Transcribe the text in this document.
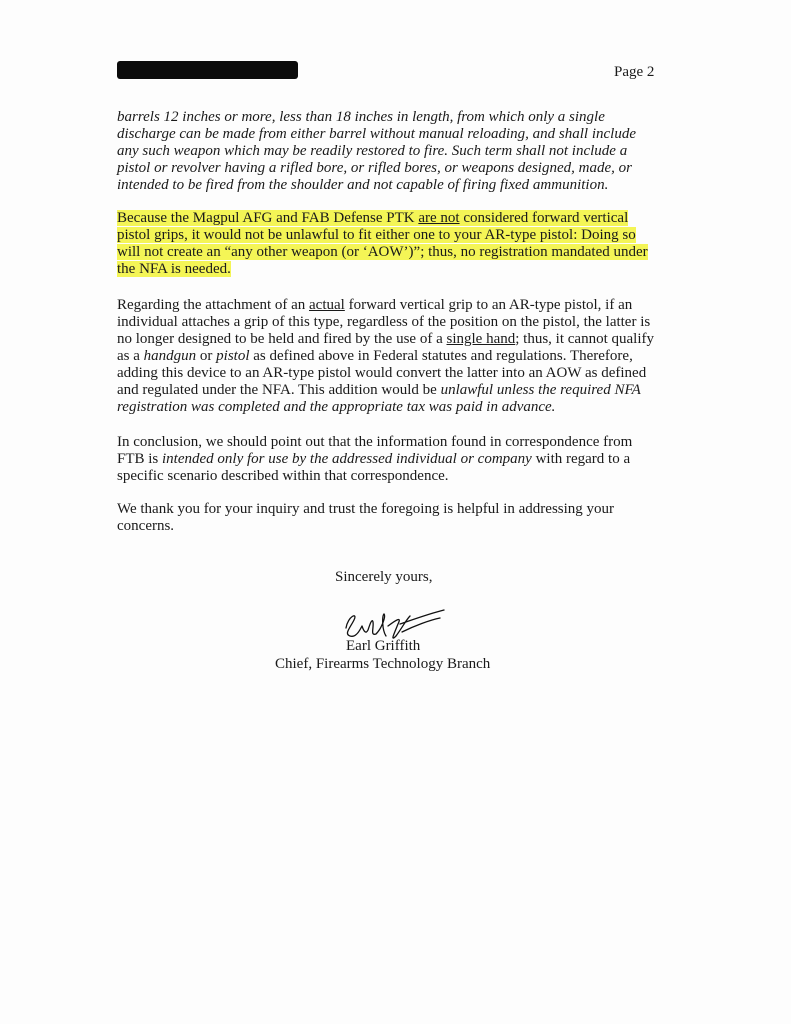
Page 2
barrels 12 inches or more, less than 18 inches in length, from which only a single discharge can be made from either barrel without manual reloading, and shall include any such weapon which may be readily restored to fire. Such term shall not include a pistol or revolver having a rifled bore, or rifled bores, or weapons designed, made, or intended to be fired from the shoulder and not capable of firing fixed ammunition.
Because the Magpul AFG and FAB Defense PTK are not considered forward vertical pistol grips, it would not be unlawful to fit either one to your AR-type pistol: Doing so will not create an “any other weapon (or ‘AOW’)”; thus, no registration mandated under the NFA is needed.
Regarding the attachment of an actual forward vertical grip to an AR-type pistol, if an individual attaches a grip of this type, regardless of the position on the pistol, the latter is no longer designed to be held and fired by the use of a single hand; thus, it cannot qualify as a handgun or pistol as defined above in Federal statutes and regulations. Therefore, adding this device to an AR-type pistol would convert the latter into an AOW as defined and regulated under the NFA. This addition would be unlawful unless the required NFA registration was completed and the appropriate tax was paid in advance.
In conclusion, we should point out that the information found in correspondence from FTB is intended only for use by the addressed individual or company with regard to a specific scenario described within that correspondence.
We thank you for your inquiry and trust the foregoing is helpful in addressing your concerns.
Sincerely yours,
Earl Griffith
Chief, Firearms Technology Branch
